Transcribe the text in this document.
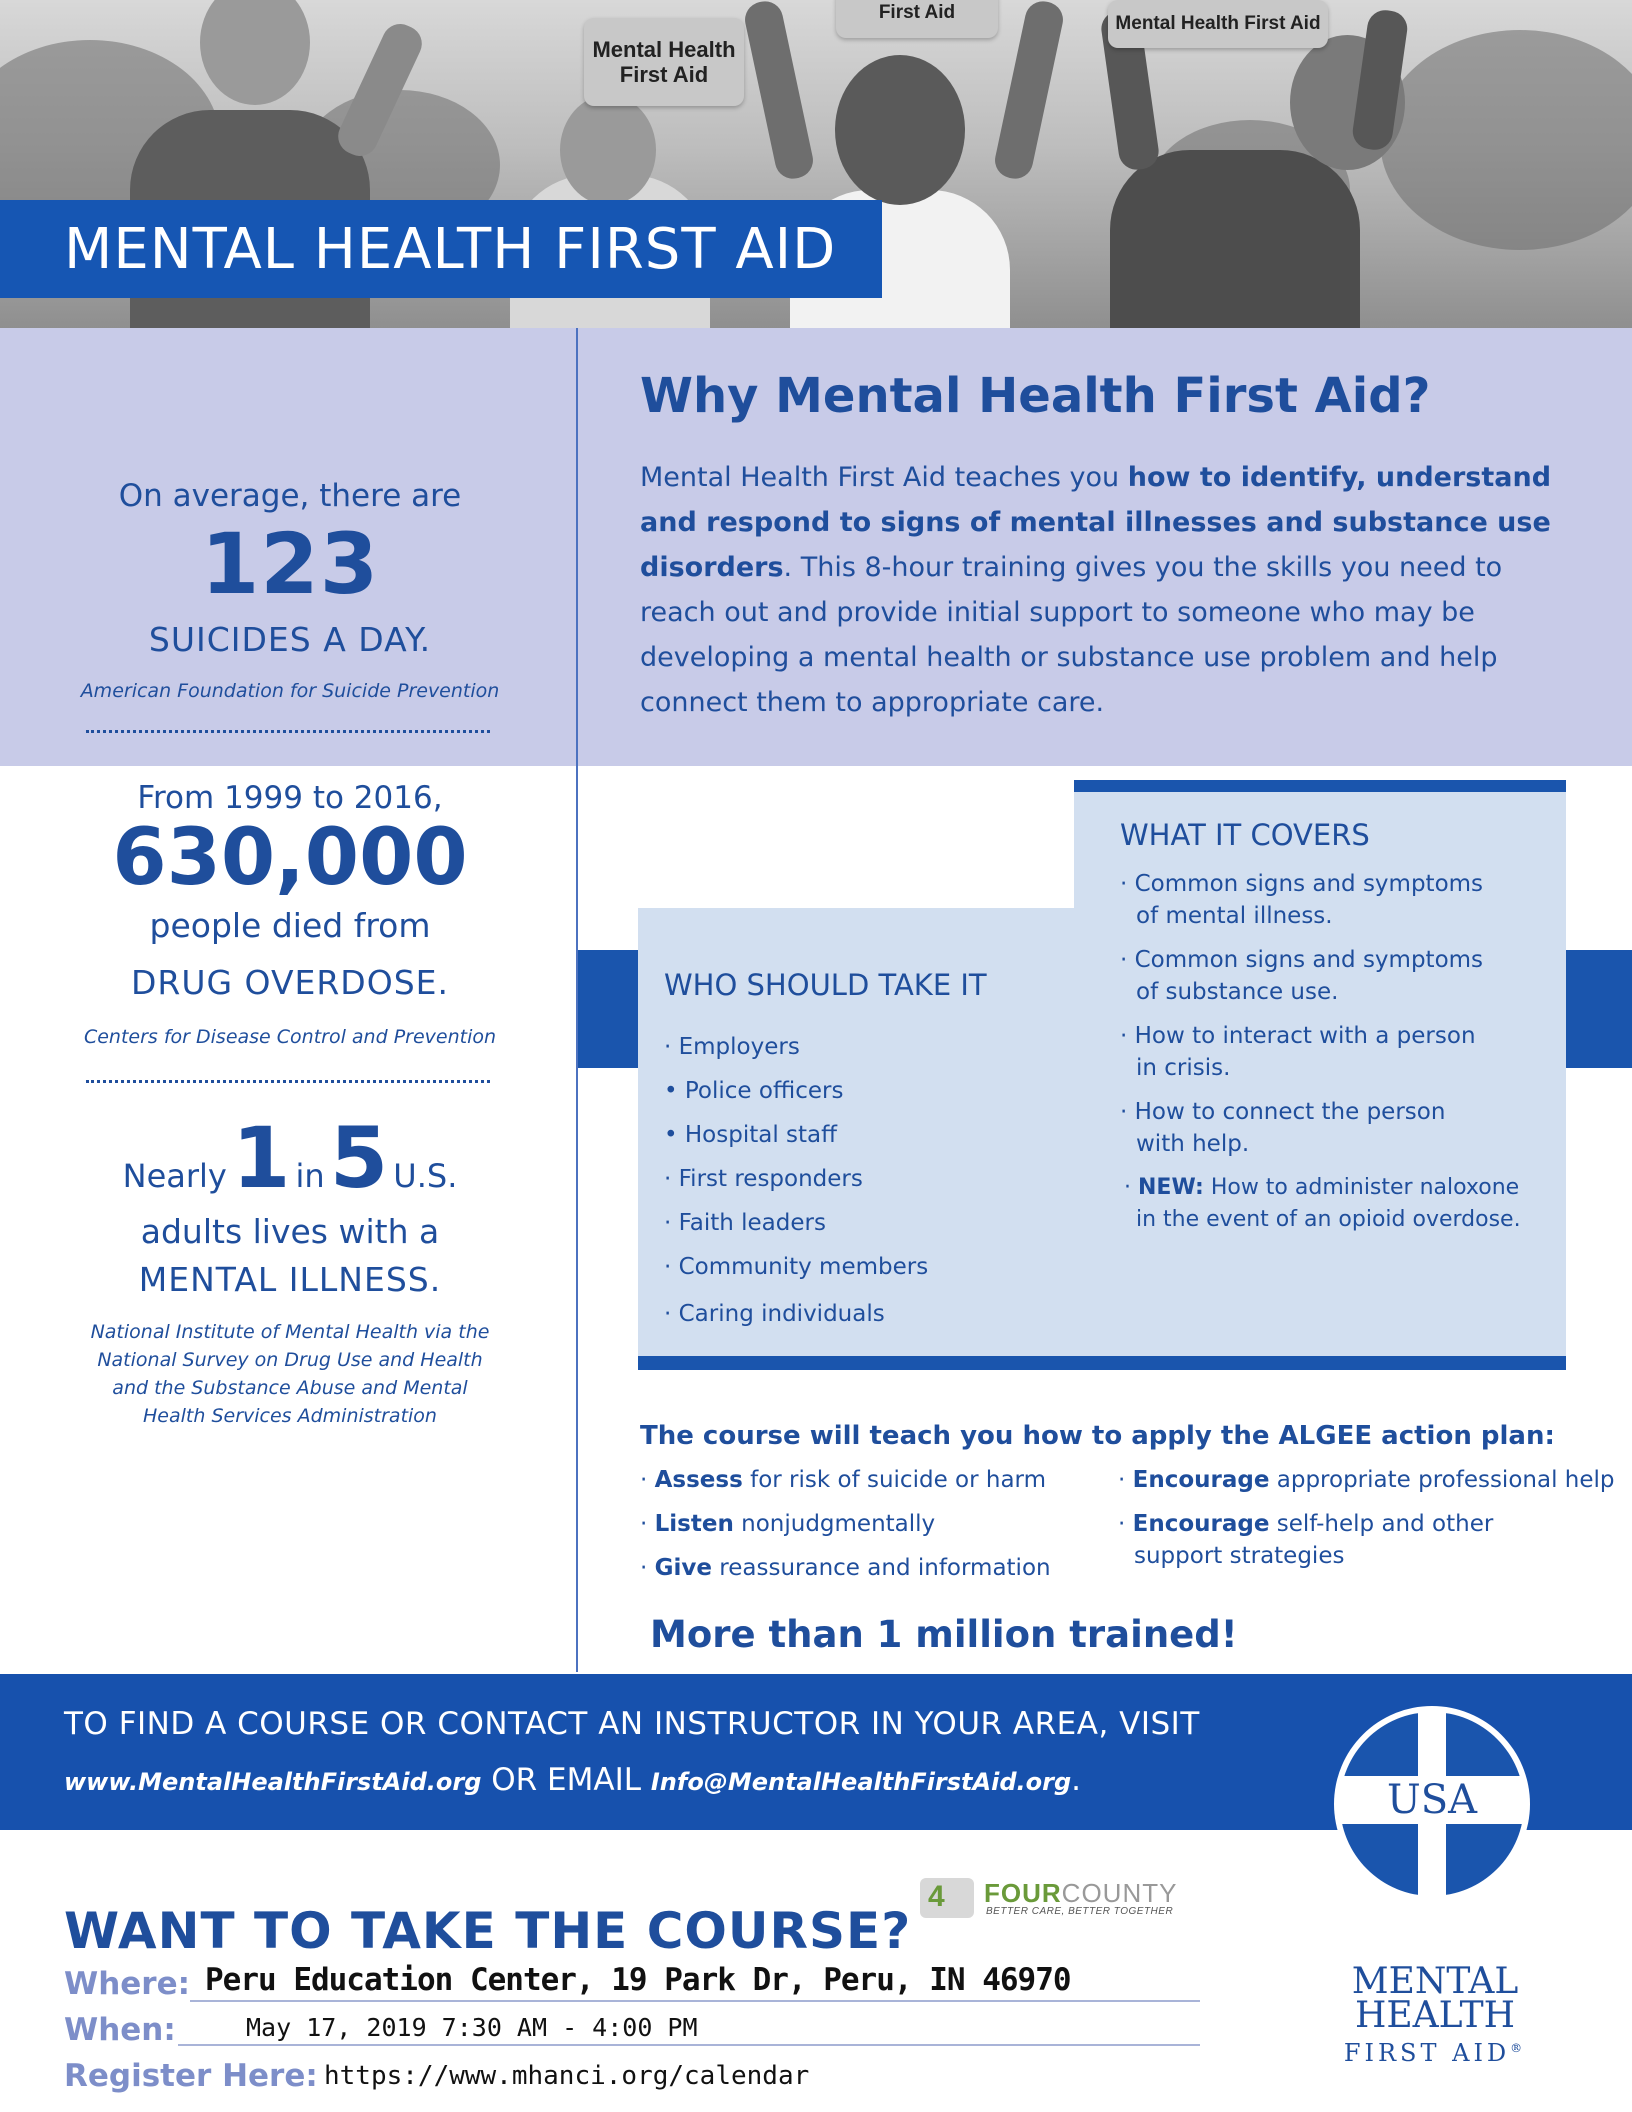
Mental Health First Aid
First Aid
Mental Health First Aid
MENTAL HEALTH FIRST AID
On average, there are
123
SUICIDES A DAY.
American Foundation for Suicide Prevention
From 1999 to 2016,
630,000
people died from
DRUG OVERDOSE.
Centers for Disease Control and Prevention
Nearly 1 in 5 U.S.
adults lives with a
MENTAL ILLNESS.
National Institute of Mental Health via the
National Survey on Drug Use and Health
and the Substance Abuse and Mental
Health Services Administration
Why Mental Health First Aid?

Mental Health First Aid teaches you how to identify, understand and respond to signs of mental illnesses and substance use disorders. This 8-hour training gives you the skills you need to reach out and provide initial support to someone who may be developing a mental health or substance use problem and help connect them to appropriate care.

WHO SHOULD TAKE IT
· Employers
• Police officers
• Hospital staff
· First responders
· Faith leaders
· Community members
· Caring individuals
WHAT IT COVERS
· Common signs and symptoms
of mental illness.
· Common signs and symptoms
of substance use.
· How to interact with a person
in crisis.
· How to connect the person
with help.
· NEW: How to administer naloxone
in the event of an opioid overdose.
The course will teach you how to apply the ALGEE action plan:
· Assess for risk of suicide or harm
· Listen nonjudgmentally
· Give reassurance and information
· Encourage appropriate professional help
· Encourage self-help and other
support strategies
More than 1 million trained!
TO FIND A COURSE OR CONTACT AN INSTRUCTOR IN YOUR AREA, VISIT
www.MentalHealthFirstAid.org OR EMAIL Info@MentalHealthFirstAid.org.	USA
MENTAL
HEALTH
FIRST AID®
4 FOURCOUNTY
BETTER CARE, BETTER TOGETHER
WANT TO TAKE THE COURSE?
Where: Peru Education Center, 19 Park Dr, Peru, IN 46970
When:	May 17, 2019 7:30 AM - 4:00 PM
Register Here: https://www.mhanci.org/calendar
